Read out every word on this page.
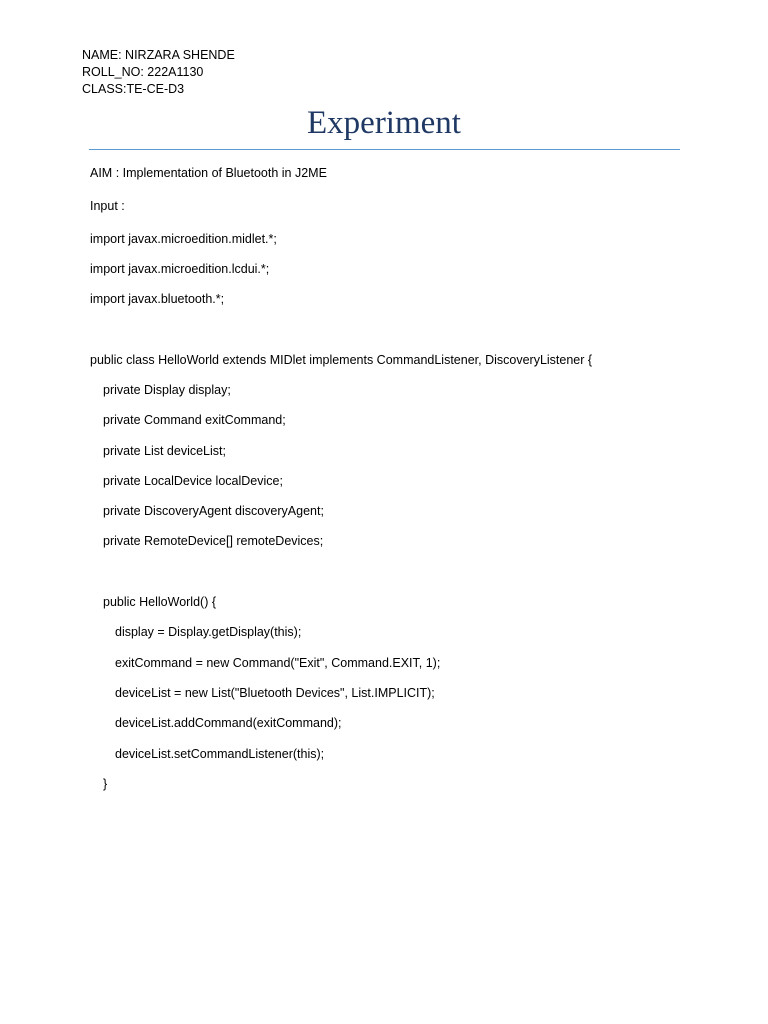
NAME: NIRZARA SHENDE
ROLL_NO: 222A1130
CLASS:TE-CE-D3
Experiment
AIM : Implementation of Bluetooth in J2ME
Input :
import javax.microedition.midlet.*;
import javax.microedition.lcdui.*;
import javax.bluetooth.*;
public class HelloWorld extends MIDlet implements CommandListener, DiscoveryListener {
private Display display;
private Command exitCommand;
private List deviceList;
private LocalDevice localDevice;
private DiscoveryAgent discoveryAgent;
private RemoteDevice[] remoteDevices;
public HelloWorld() {
display = Display.getDisplay(this);
exitCommand = new Command("Exit", Command.EXIT, 1);
deviceList = new List("Bluetooth Devices", List.IMPLICIT);
deviceList.addCommand(exitCommand);
deviceList.setCommandListener(this);
}
